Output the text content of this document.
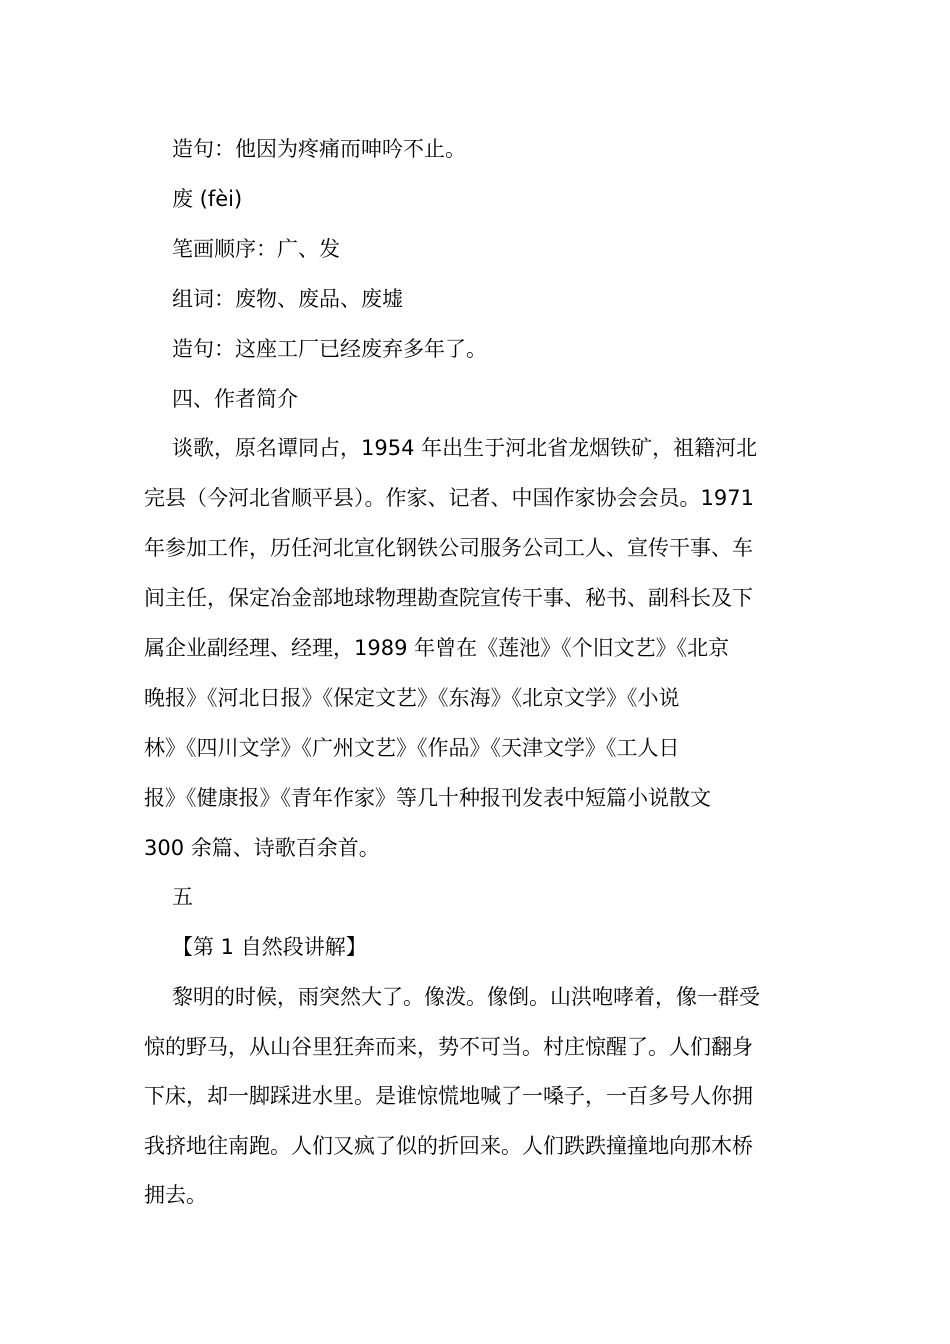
造句：他因为疼痛而呻吟不止。
废 (fèi)
笔画顺序：广、发
组词：废物、废品、废墟
造句：这座工厂已经废弃多年了。
四、作者简介
谈歌，原名谭同占，1954 年出生于河北省龙烟铁矿，祖籍河北
完县（今河北省顺平县）。作家、记者、中国作家协会会员。1971
年参加工作，历任河北宣化钢铁公司服务公司工人、宣传干事、车
间主任，保定冶金部地球物理勘查院宣传干事、秘书、副科长及下
属企业副经理、经理，1989 年曾在《莲池》《个旧文艺》《北京
晚报》《河北日报》《保定文艺》《东海》《北京文学》《小说
林》《四川文学》《广州文艺》《作品》《天津文学》《工人日
报》《健康报》《青年作家》等几十种报刊发表中短篇小说散文
300 余篇、诗歌百余首。
五
【第 1 自然段讲解】
黎明的时候，雨突然大了。像泼。像倒。山洪咆哮着，像一群受
惊的野马，从山谷里狂奔而来，势不可当。村庄惊醒了。人们翻身
下床，却一脚踩进水里。是谁惊慌地喊了一嗓子，一百多号人你拥
我挤地往南跑。人们又疯了似的折回来。人们跌跌撞撞地向那木桥
拥去。
